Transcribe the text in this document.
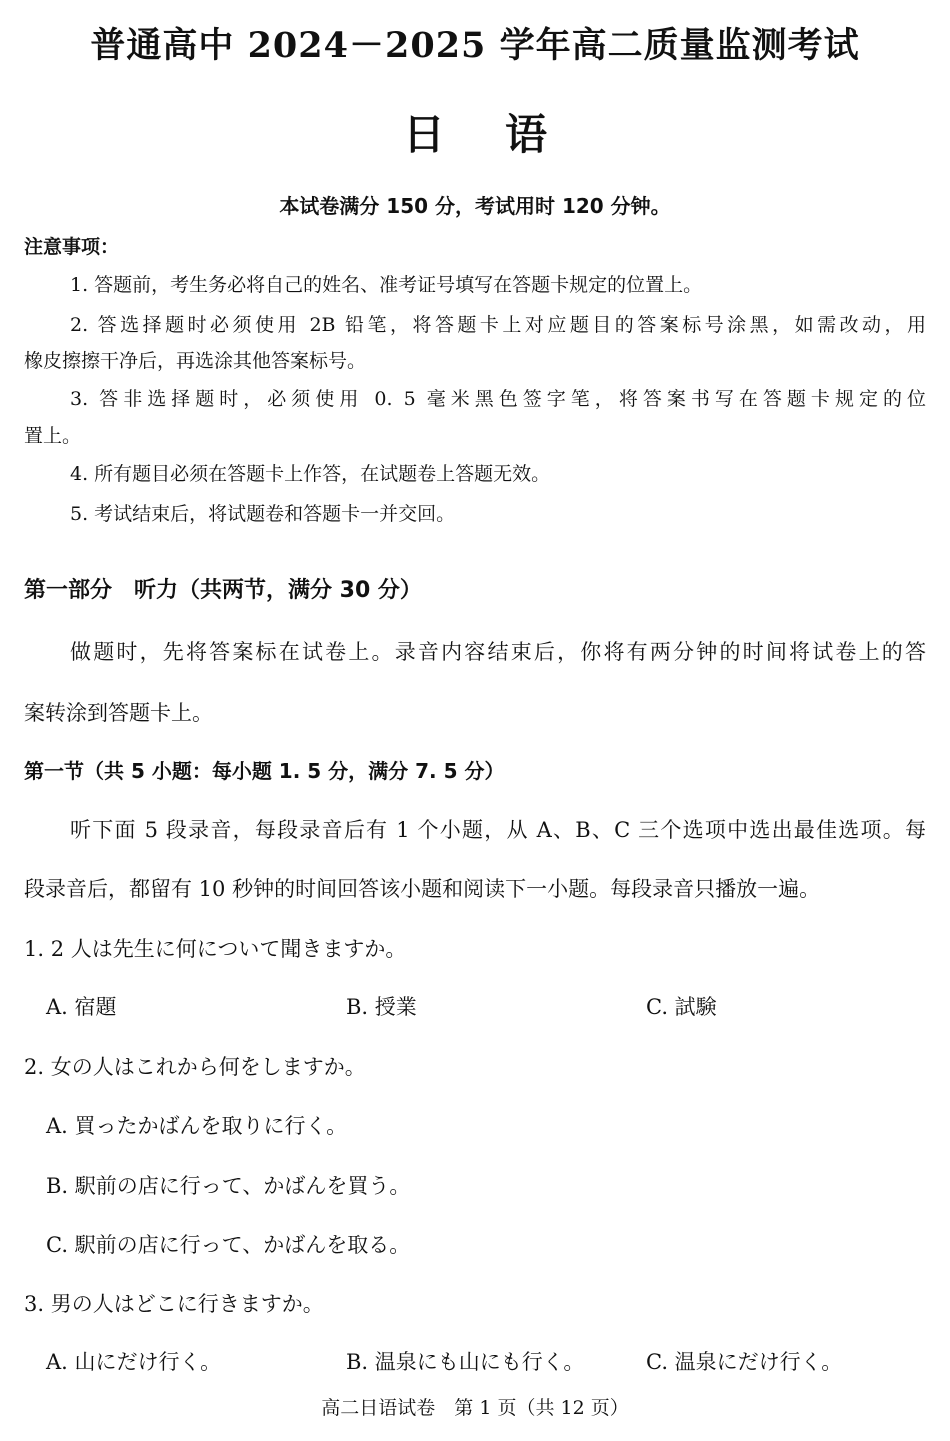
普通高中 2024－2025 学年高二质量监测考试
日语
本试卷满分 150 分，考试用时 120 分钟。
注意事项：
1. 答题前，考生务必将自己的姓名、准考证号填写在答题卡规定的位置上。
2. 答选择题时必须使用 2B 铅笔，将答题卡上对应题目的答案标号涂黑，如需改动，用
橡皮擦擦干净后，再选涂其他答案标号。
3. 答非选择题时，必须使用 0. 5 毫米黑色签字笔，将答案书写在答题卡规定的位
置上。
4. 所有题目必须在答题卡上作答，在试题卷上答题无效。
5. 考试结束后，将试题卷和答题卡一并交回。
第一部分　听力（共两节，满分 30 分）
做题时，先将答案标在试卷上。录音内容结束后，你将有两分钟的时间将试卷上的答
案转涂到答题卡上。
第一节（共 5 小题：每小题 1. 5 分，满分 7. 5 分）
听下面 5 段录音，每段录音后有 1 个小题，从 A、B、C 三个选项中选出最佳选项。每
段录音后，都留有 10 秒钟的时间回答该小题和阅读下一小题。每段录音只播放一遍。
1. 2 人は先生に何について聞きますか。
A. 宿題	B. 授業	C. 試験
2. 女の人はこれから何をしますか。
A. 買ったかばんを取りに行く。
B. 駅前の店に行って、かばんを買う。
C. 駅前の店に行って、かばんを取る。
3. 男の人はどこに行きますか。
A. 山にだけ行く。	B. 温泉にも山にも行く。	C. 温泉にだけ行く。
高二日语试卷　第 1 页（共 12 页）
